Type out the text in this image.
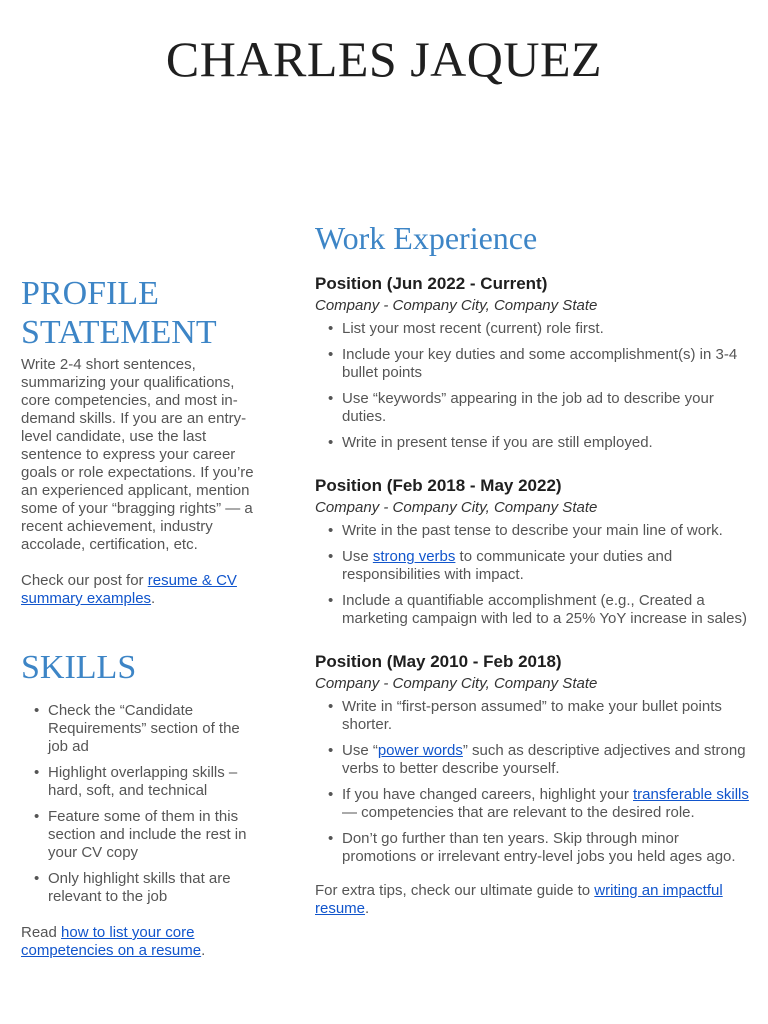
CHARLES JAQUEZ
PROFILE STATEMENT

Write 2-4 short sentences, summarizing your qualifications, core competencies, and most in-demand skills. If you are an entry-level candidate, use the last sentence to express your career goals or role expectations. If you’re an experienced applicant, mention some of your “bragging rights” — a recent achievement, industry accolade, certification, etc.

Check our post for resume & CV summary examples.

SKILLS
• Check the “Candidate Requirements” section of the job ad
• Highlight overlapping skills – hard, soft, and technical
• Feature some of them in this section and include the rest in your CV copy
• Only highlight skills that are relevant to the job

Read how to list your core competencies on a resume.

Work Experience

Position (Jun 2022 - Current)

Company - Company City, Company State

• List your most recent (current) role first.
• Include your key duties and some accomplishment(s) in 3-4 bullet points
• Use “keywords” appearing in the job ad to describe your duties.
• Write in present tense if you are still employed.

Position (Feb 2018 - May 2022)

Company - Company City, Company State

• Write in the past tense to describe your main line of work.
• Use strong verbs to communicate your duties and responsibilities with impact.
• Include a quantifiable accomplishment (e.g., Created a marketing campaign with led to a 25% YoY increase in sales)

Position (May 2010 - Feb 2018)

Company - Company City, Company State

• Write in “first-person assumed” to make your bullet points shorter.
• Use “power words” such as descriptive adjectives and strong verbs to better describe yourself.
• If you have changed careers, highlight your transferable skills — competencies that are relevant to the desired role.
• Don’t go further than ten years. Skip through minor promotions or irrelevant entry-level jobs you held ages ago.

For extra tips, check our ultimate guide to writing an impactful resume.
